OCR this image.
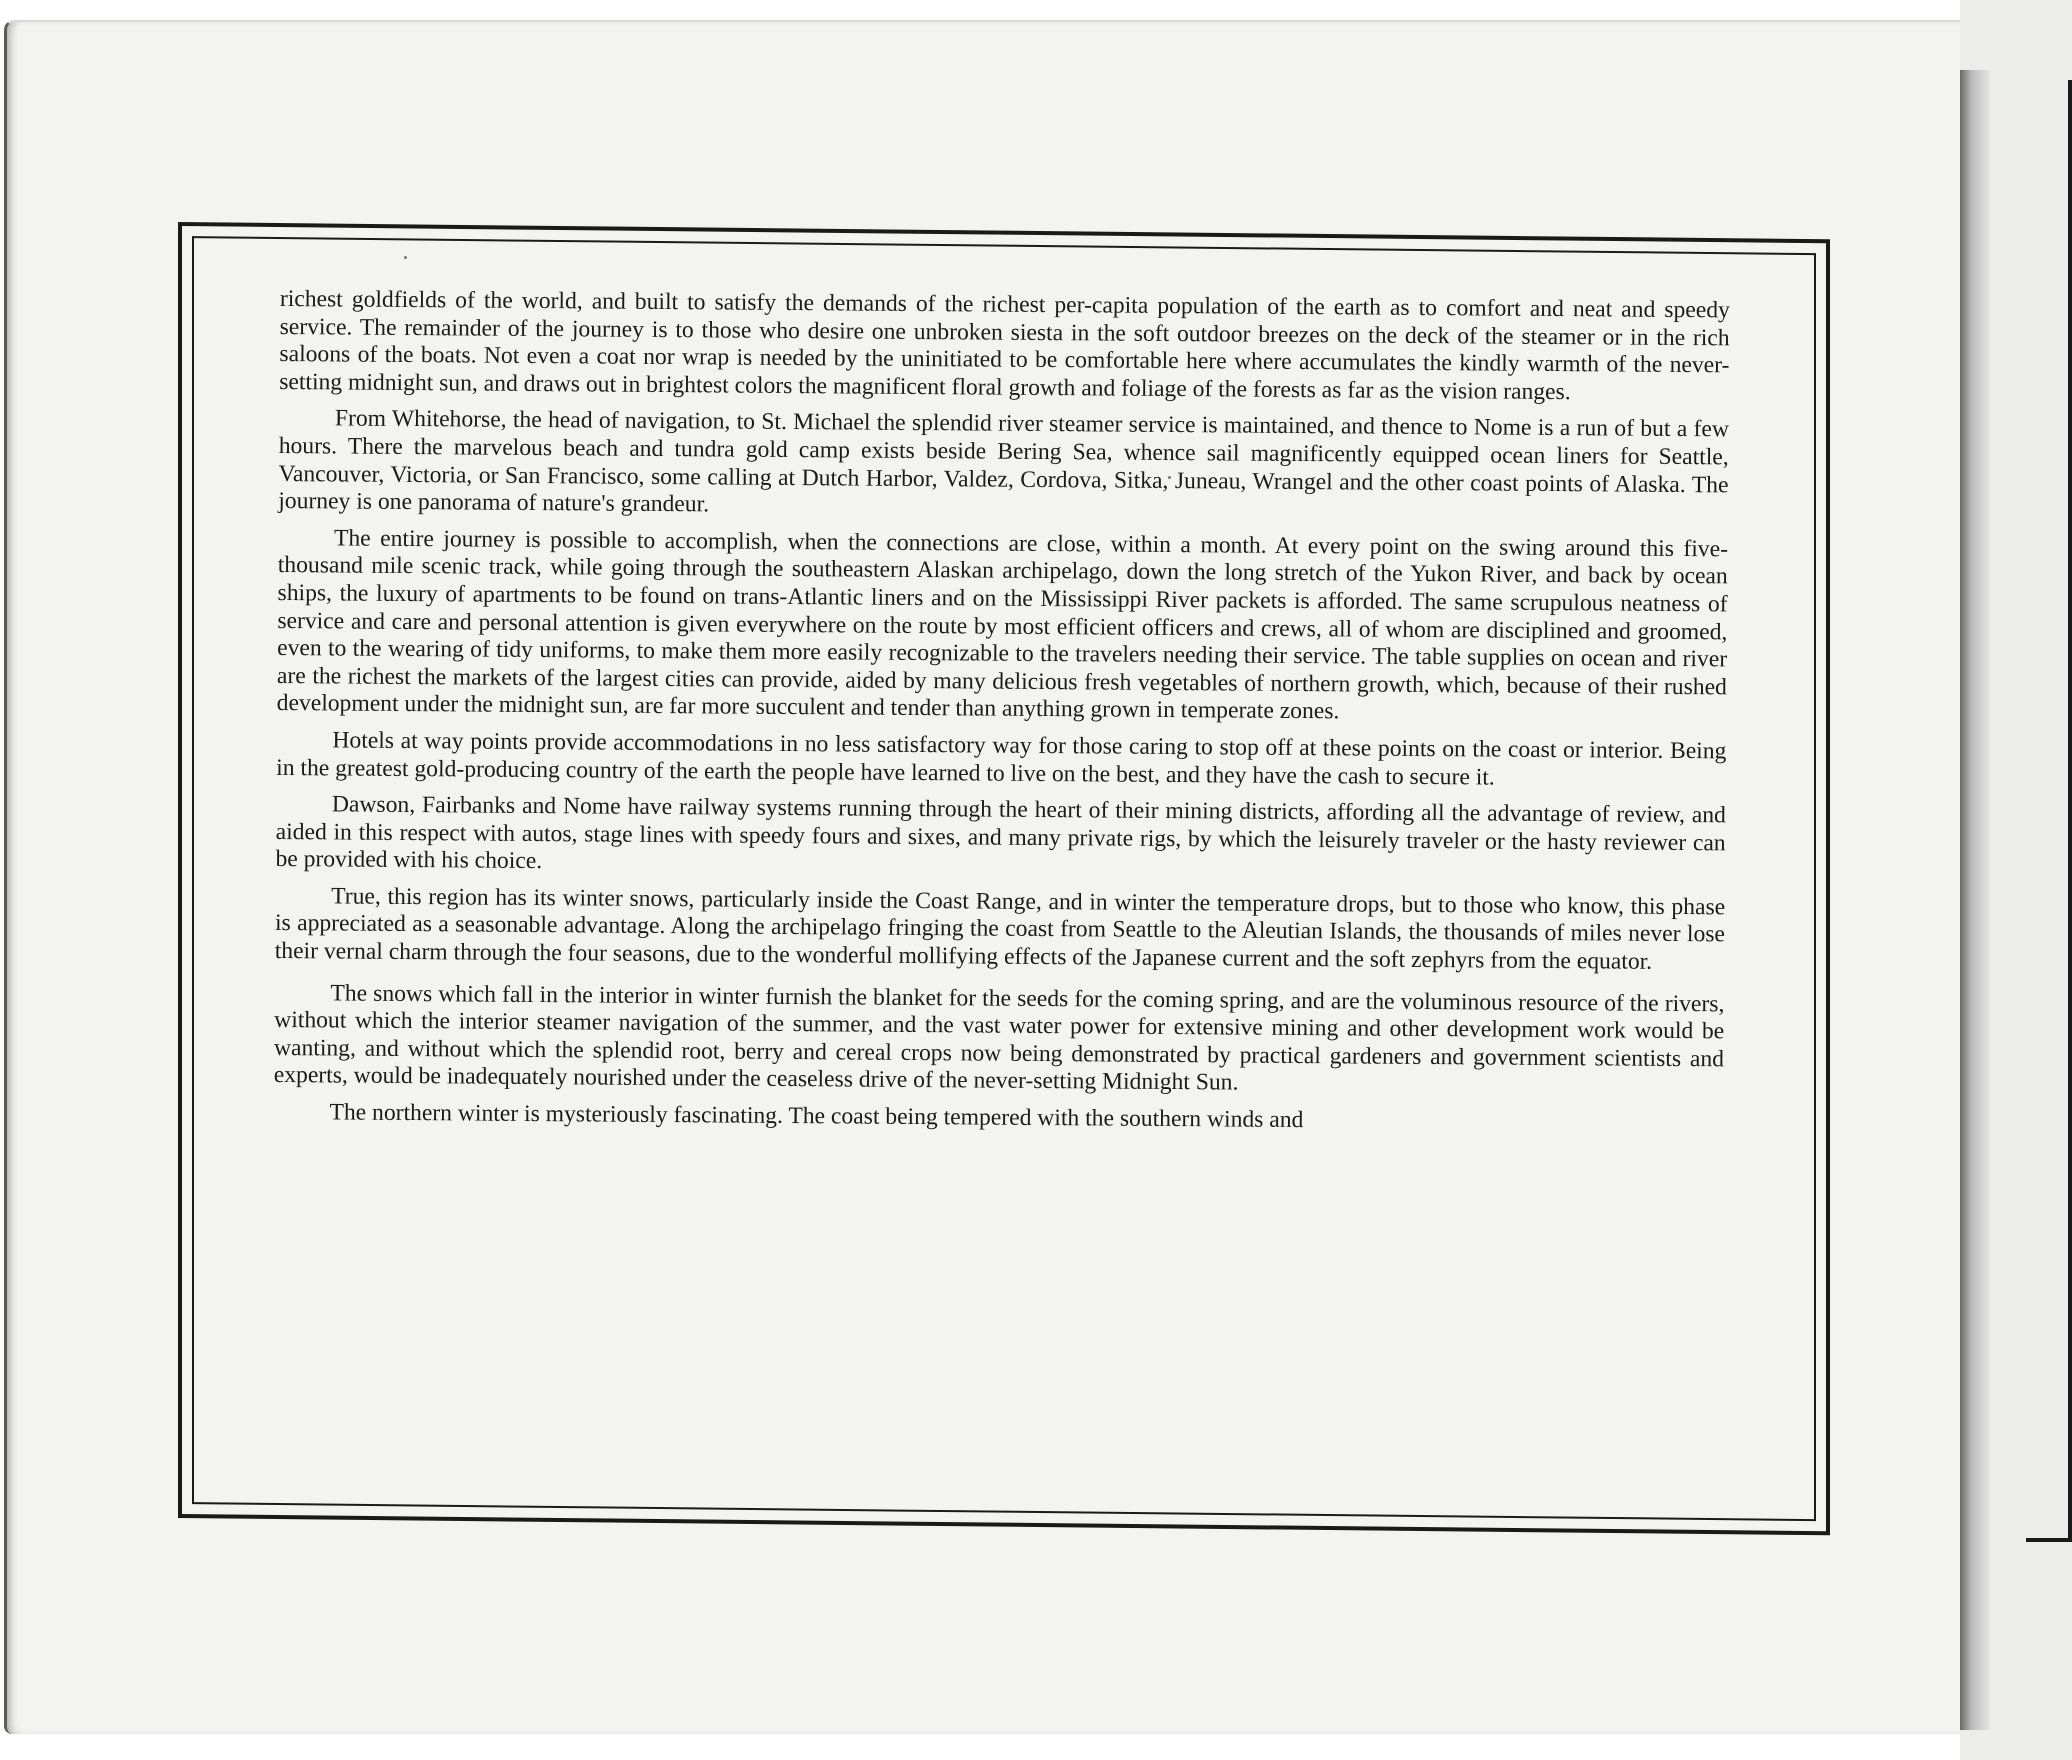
richest goldfields of the world, and built to satisfy the demands of the richest per-capita population of the earth as to comfort and neat and speedy service. The remainder of the journey is to those who desire one unbroken siesta in the soft outdoor breezes on the deck of the steamer or in the rich saloons of the boats. Not even a coat nor wrap is needed by the uninitiated to be comfortable here where accumulates the kindly warmth of the never-setting midnight sun, and draws out in brightest colors the magnificent floral growth and foliage of the forests as far as the vision ranges.

From Whitehorse, the head of navigation, to St. Michael the splendid river steamer service is maintained, and thence to Nome is a run of but a few hours. There the marvelous beach and tundra gold camp exists beside Bering Sea, whence sail magnificently equipped ocean liners for Seattle, Vancouver, Victoria, or San Francisco, some calling at Dutch Harbor, Valdez, Cordova, Sitka, Juneau, Wrangel and the other coast points of Alaska. The journey is one panorama of nature's grandeur.

The entire journey is possible to accomplish, when the connections are close, within a month. At every point on the swing around this five-thousand mile scenic track, while going through the southeastern Alaskan archipelago, down the long stretch of the Yukon River, and back by ocean ships, the luxury of apartments to be found on trans-Atlantic liners and on the Mississippi River packets is afforded. The same scrupulous neatness of service and care and personal attention is given everywhere on the route by most efficient officers and crews, all of whom are disciplined and groomed, even to the wearing of tidy uniforms, to make them more easily recognizable to the travelers needing their service. The table supplies on ocean and river are the richest the markets of the largest cities can provide, aided by many delicious fresh vegetables of northern growth, which, because of their rushed development under the midnight sun, are far more succulent and tender than anything grown in temperate zones.

Hotels at way points provide accommodations in no less satisfactory way for those caring to stop off at these points on the coast or interior. Being in the greatest gold-producing country of the earth the people have learned to live on the best, and they have the cash to secure it.

Dawson, Fairbanks and Nome have railway systems running through the heart of their mining districts, affording all the advantage of review, and aided in this respect with autos, stage lines with speedy fours and sixes, and many private rigs, by which the leisurely traveler or the hasty reviewer can be provided with his choice.

True, this region has its winter snows, particularly inside the Coast Range, and in winter the temperature drops, but to those who know, this phase is appreciated as a seasonable advantage. Along the archipelago fringing the coast from Seattle to the Aleutian Islands, the thousands of miles never lose their vernal charm through the four seasons, due to the wonderful mollifying effects of the Japanese current and the soft zephyrs from the equator.

The snows which fall in the interior in winter furnish the blanket for the seeds for the coming spring, and are the voluminous resource of the rivers, without which the interior steamer navigation of the summer, and the vast water power for extensive mining and other development work would be wanting, and without which the splendid root, berry and cereal crops now being demonstrated by practical gardeners and government scientists and experts, would be inadequately nourished under the ceaseless drive of the never-setting Midnight Sun.

The northern winter is mysteriously fascinating. The coast being tempered with the southern winds and
